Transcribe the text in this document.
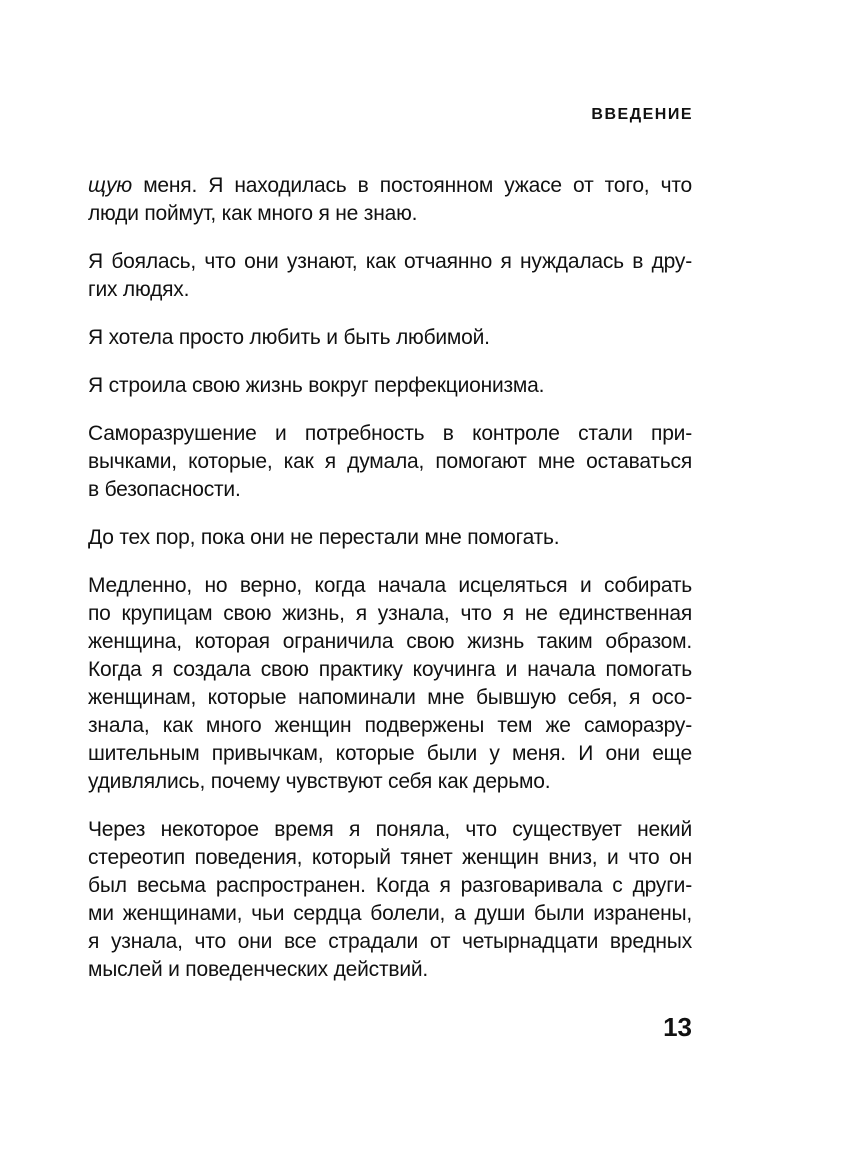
ВВЕДЕНИЕ
щую меня. Я находилась в постоянном ужасе от того, что
люди поймут, как много я не знаю.
Я боялась, что они узнают, как отчаянно я нуждалась в дру-
гих людях.
Я хотела просто любить и быть любимой.
Я строила свою жизнь вокруг перфекционизма.
Саморазрушение и потребность в контроле стали при-
вычками, которые, как я думала, помогают мне оставаться
в безопасности.
До тех пор, пока они не перестали мне помогать.
Медленно, но верно, когда начала исцеляться и собирать
по крупицам свою жизнь, я узнала, что я не единственная
женщина, которая ограничила свою жизнь таким образом.
Когда я создала свою практику коучинга и начала помогать
женщинам, которые напоминали мне бывшую себя, я осо-
знала, как много женщин подвержены тем же саморазру-
шительным привычкам, которые были у меня. И они еще
удивлялись, почему чувствуют себя как дерьмо.
Через некоторое время я поняла, что существует некий
стереотип поведения, который тянет женщин вниз, и что он
был весьма распространен. Когда я разговаривала с други-
ми женщинами, чьи сердца болели, а души были изранены,
я узнала, что они все страдали от четырнадцати вредных
мыслей и поведенческих действий.
13
